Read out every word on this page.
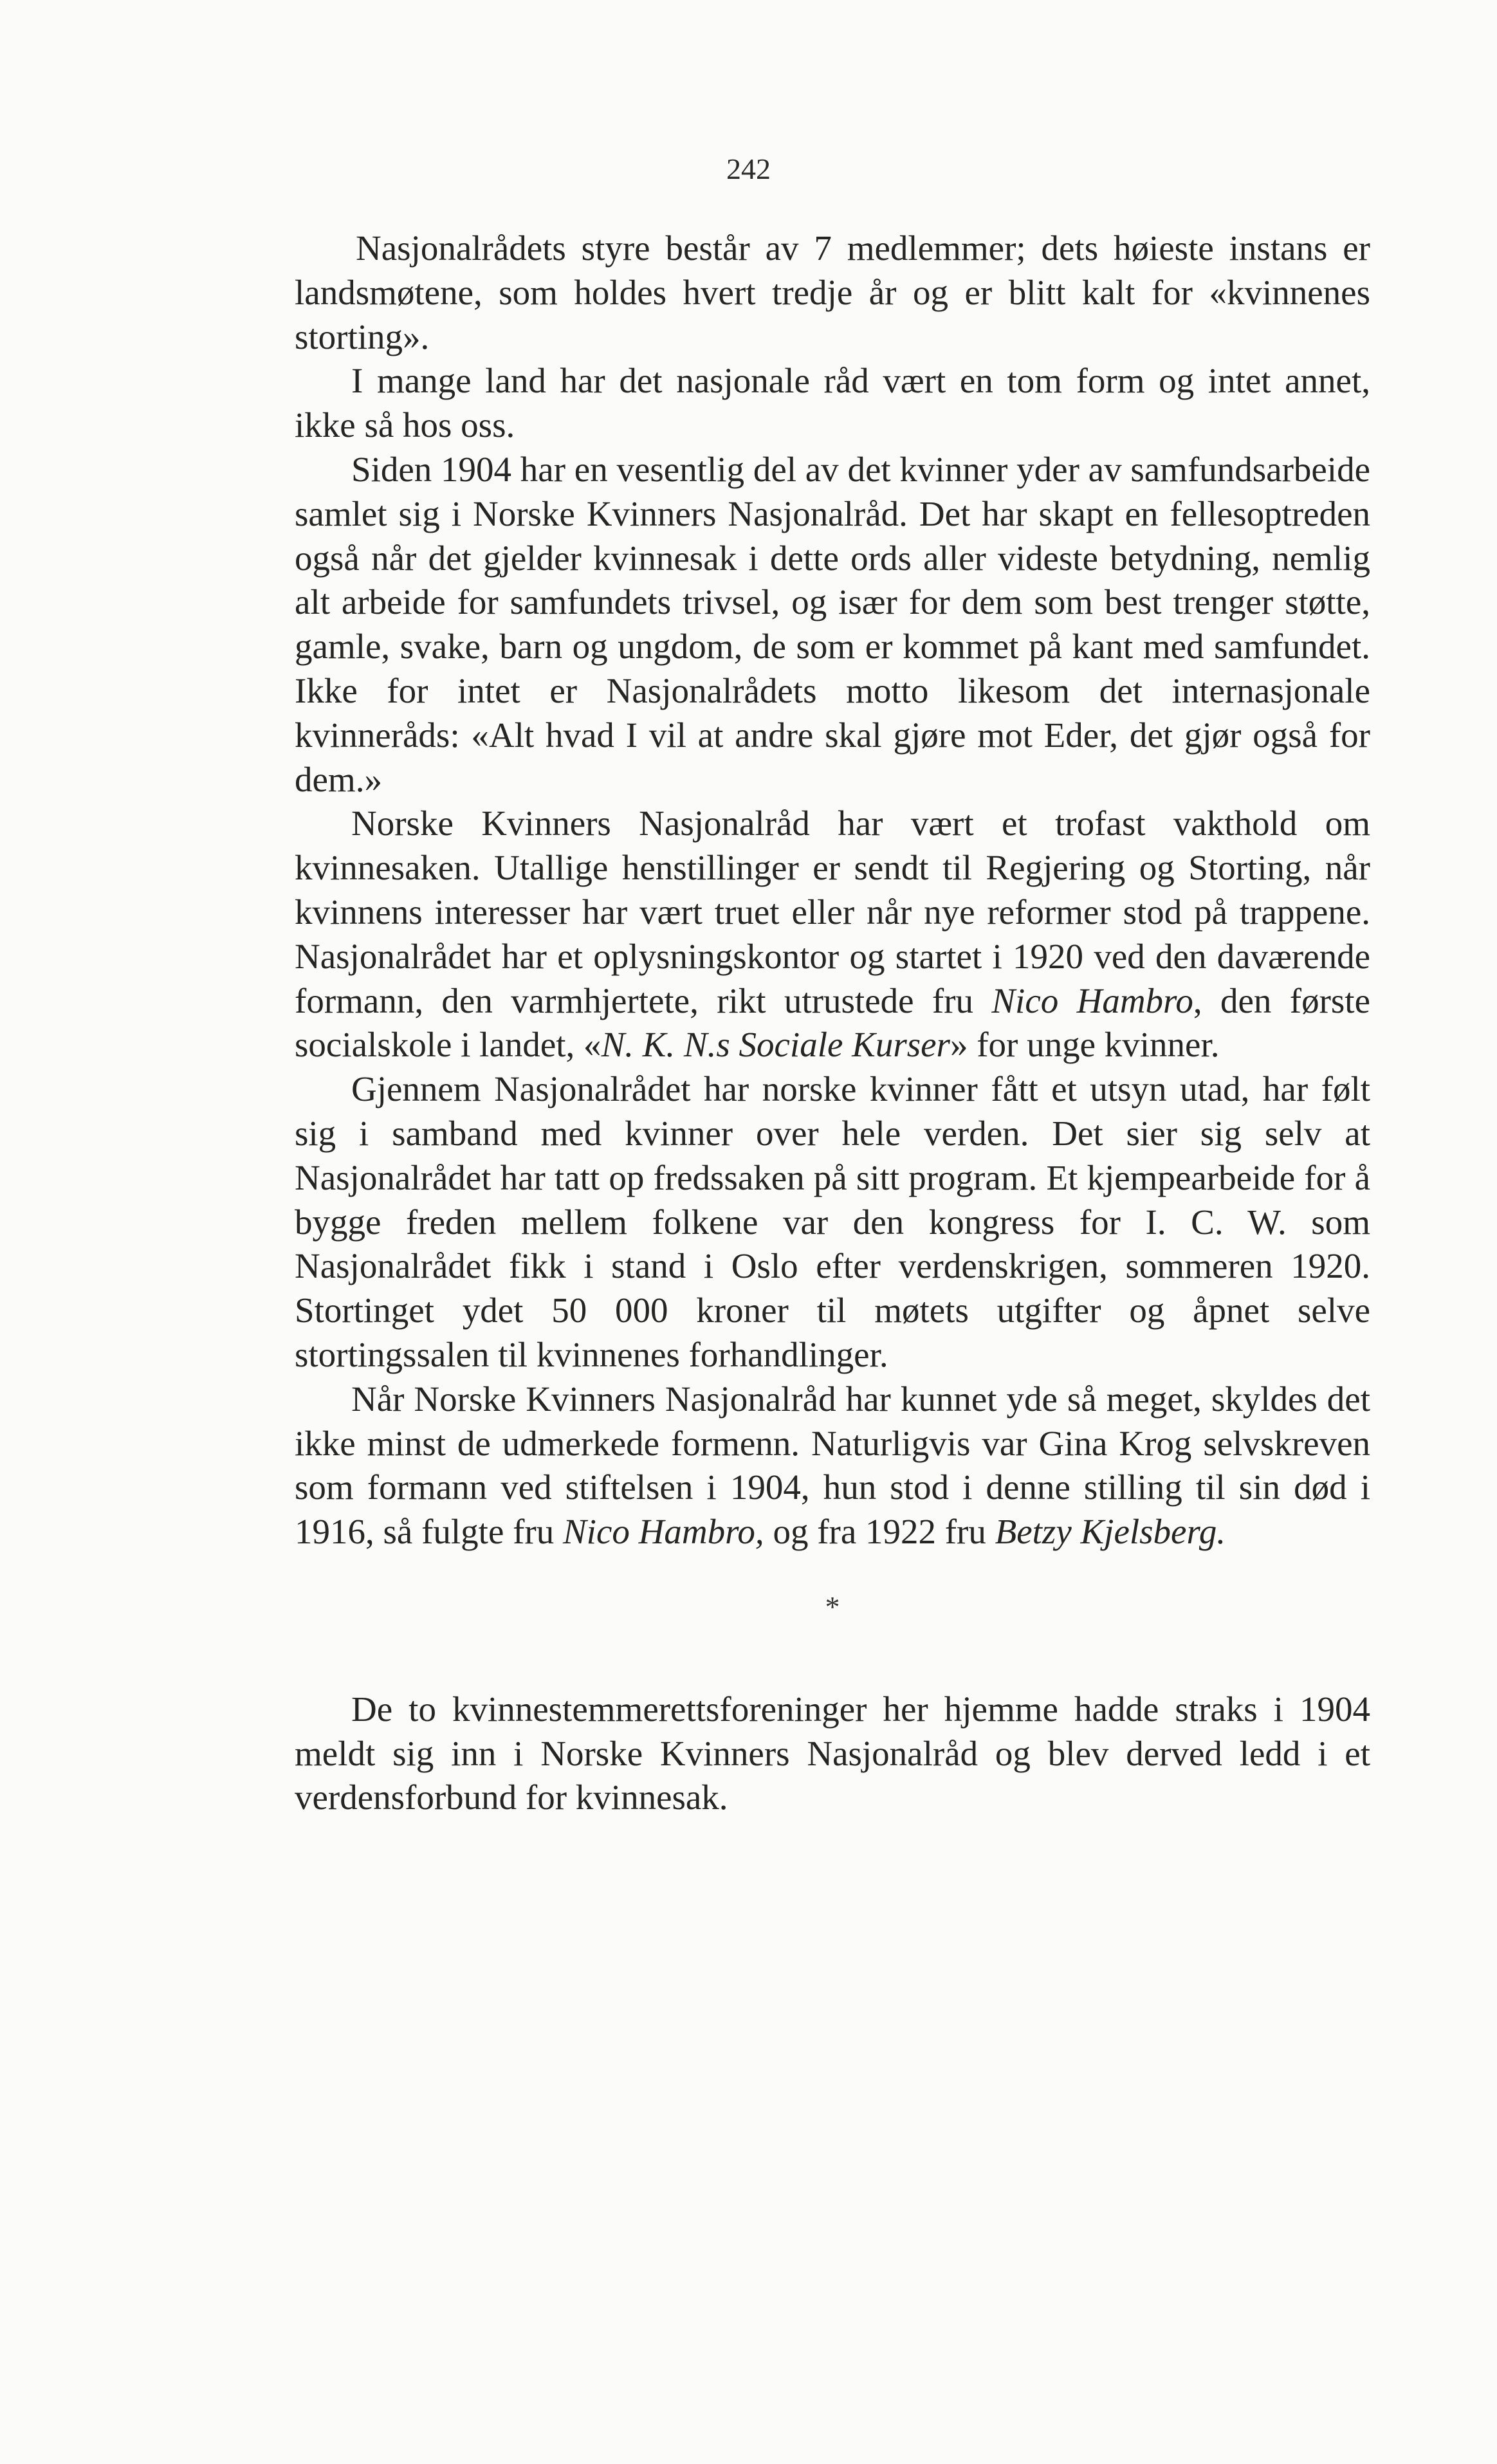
242

Nasjonalrådets styre består av 7 medlemmer; dets høieste instans er landsmøtene, som holdes hvert tredje år og er blitt kalt for «kvinnenes storting».

I mange land har det nasjonale råd vært en tom form og intet annet, ikke så hos oss.

Siden 1904 har en vesentlig del av det kvinner yder av samfundsarbeide samlet sig i Norske Kvinners Nasjonalråd. Det har skapt en fellesoptreden også når det gjelder kvinnesak i dette ords aller videste betydning, nemlig alt arbeide for samfundets trivsel, og især for dem som best trenger støtte, gamle, svake, barn og ungdom, de som er kommet på kant med samfundet. Ikke for intet er Nasjonalrådets motto likesom det internasjonale kvinneråds: «Alt hvad I vil at andre skal gjøre mot Eder, det gjør også for dem.»

Norske Kvinners Nasjonalråd har vært et trofast vakthold om kvinnesaken. Utallige henstillinger er sendt til Regjering og Storting, når kvinnens interesser har vært truet eller når nye reformer stod på trappene. Nasjonalrådet har et oplysningskontor og startet i 1920 ved den daværende formann, den varmhjertete, rikt utrustede fru Nico Hambro, den første socialskole i landet, «N. K. N.s Sociale Kurser» for unge kvinner.

Gjennem Nasjonalrådet har norske kvinner fått et utsyn utad, har følt sig i samband med kvinner over hele verden. Det sier sig selv at Nasjonalrådet har tatt op fredssaken på sitt program. Et kjempearbeide for å bygge freden mellem folkene var den kongress for I. C. W. som Nasjonalrådet fikk i stand i Oslo efter verdenskrigen, sommeren 1920. Stortinget ydet 50 000 kroner til møtets utgifter og åpnet selve stortingssalen til kvinnenes forhandlinger.

Når Norske Kvinners Nasjonalråd har kunnet yde så meget, skyldes det ikke minst de udmerkede formenn. Naturligvis var Gina Krog selvskreven som formann ved stiftelsen i 1904, hun stod i denne stilling til sin død i 1916, så fulgte fru Nico Hambro, og fra 1922 fru Betzy Kjelsberg.

*

De to kvinnestemmerettsforeninger her hjemme hadde straks i 1904 meldt sig inn i Norske Kvinners Nasjonalråd og blev derved ledd i et verdensforbund for kvinnesak.
